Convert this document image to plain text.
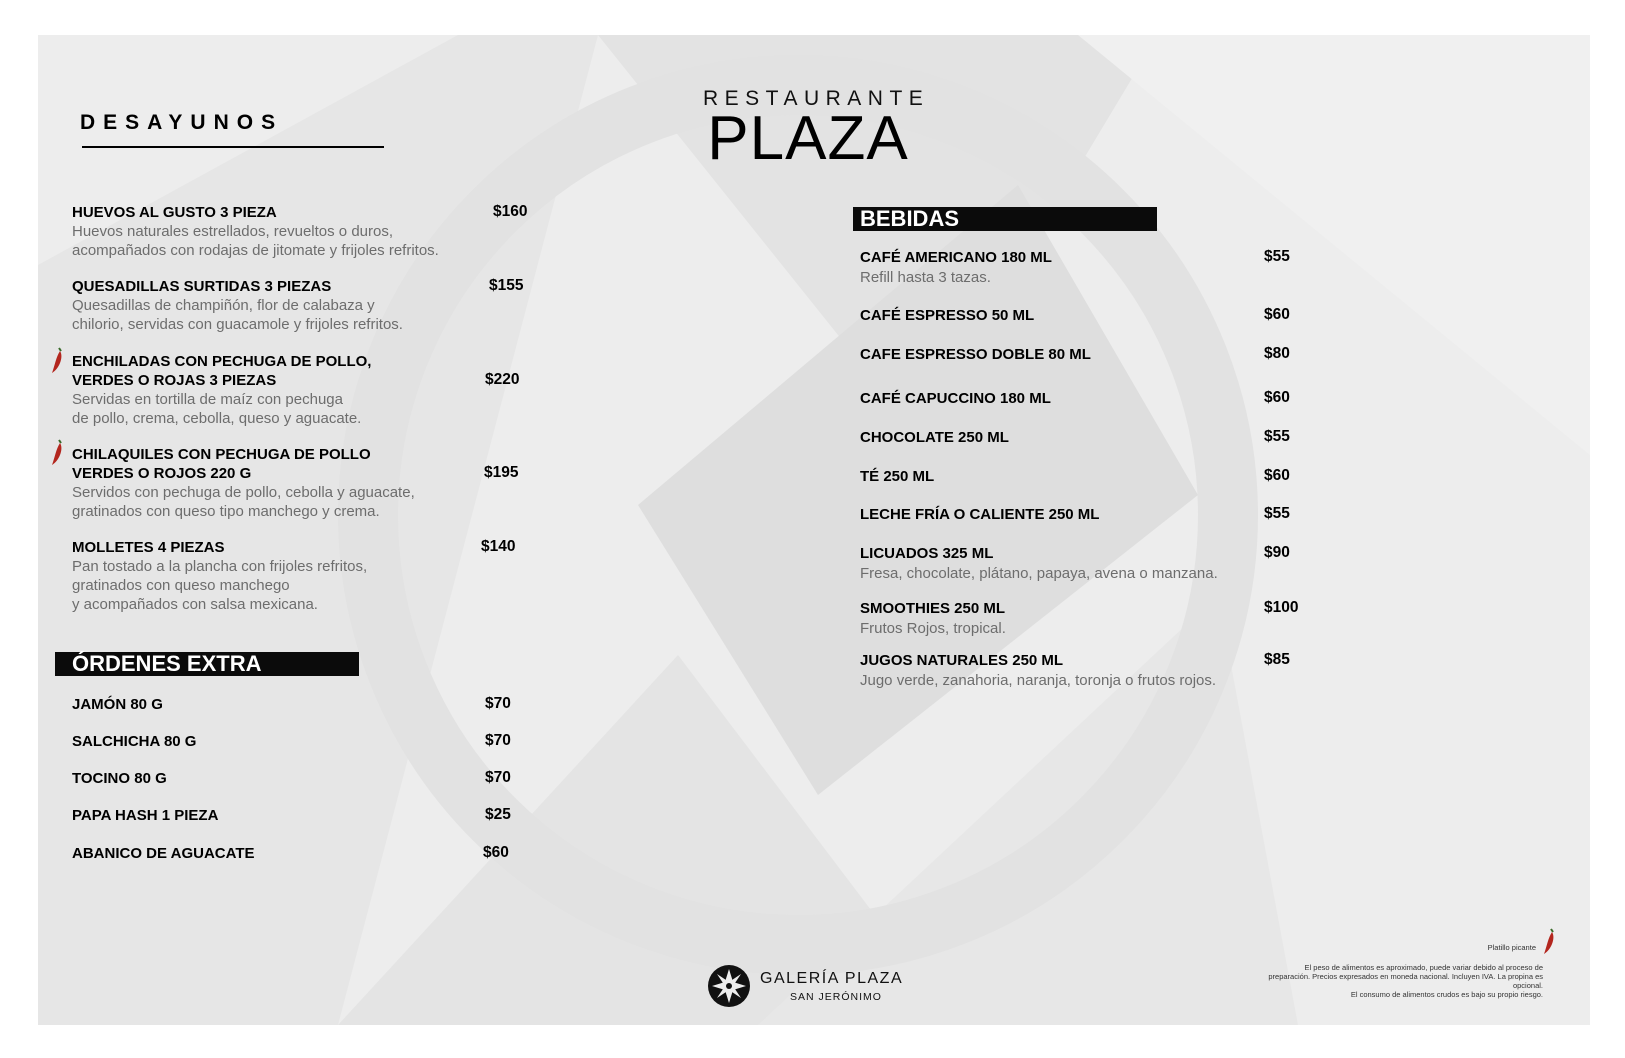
RESTAURANTE
PLAZA
DESAYUNOS
HUEVOS AL GUSTO 3 PIEZA	$160
Huevos naturales estrellados, revueltos o duros,
acompañados con rodajas de jitomate y frijoles refritos.
QUESADILLAS SURTIDAS 3 PIEZAS	$155
Quesadillas de champiñón, flor de calabaza y
chilorio, servidas con guacamole y frijoles refritos.
ENCHILADAS CON PECHUGA DE POLLO,
VERDES O ROJAS 3 PIEZAS	$220
Servidas en tortilla de maíz con pechuga
de pollo, crema, cebolla, queso y aguacate.
CHILAQUILES CON PECHUGA DE POLLO
VERDES O ROJOS 220 G	$195
Servidos con pechuga de pollo, cebolla y aguacate,
gratinados con queso tipo manchego y crema.
MOLLETES 4 PIEZAS	$140
Pan tostado a la plancha con frijoles refritos,
gratinados con queso manchego
y acompañados con salsa mexicana.
ÓRDENES EXTRA
JAMÓN 80 G	$70
SALCHICHA 80 G	$70
TOCINO 80 G	$70
PAPA HASH 1 PIEZA	$25
ABANICO DE AGUACATE	$60
BEBIDAS
CAFÉ AMERICANO 180 ML	$55
Refill hasta 3 tazas.
CAFÉ ESPRESSO 50 ML	$60
CAFE ESPRESSO DOBLE 80 ML	$80
CAFÉ CAPUCCINO 180 ML	$60
CHOCOLATE 250 ML	$55
TÉ 250 ML	$60
LECHE FRÍA O CALIENTE 250 ML	$55
LICUADOS 325 ML	$90
Fresa, chocolate, plátano, papaya, avena o manzana.
SMOOTHIES 250 ML	$100
Frutos Rojos, tropical.
JUGOS NATURALES 250 ML	$85
Jugo verde, zanahoria, naranja, toronja o frutos rojos.
GALERÍA PLAZA
SAN JERÓNIMO
Platillo picante
El peso de alimentos es aproximado, puede variar debido al proceso de
preparación. Precios expresados en moneda nacional. Incluyen IVA. La propina es
opcional.
El consumo de alimentos crudos es bajo su propio riesgo.
